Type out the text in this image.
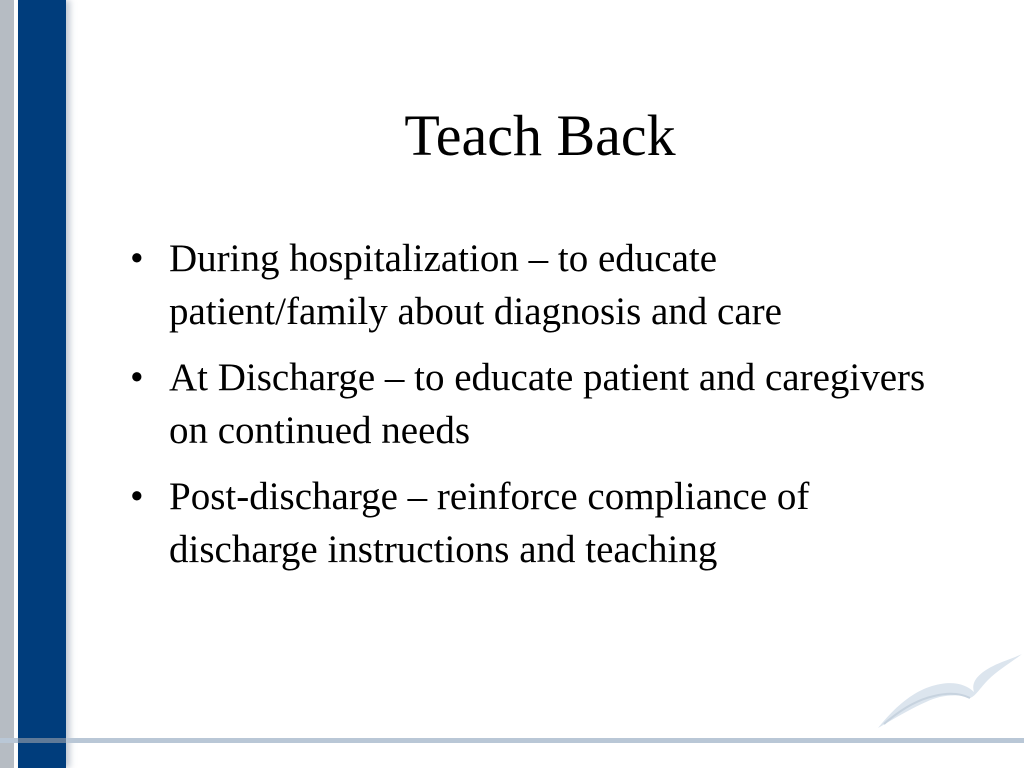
Teach Back
• During hospitalization – to educate patient/family about diagnosis and care
• At Discharge – to educate patient and caregivers on continued needs
• Post-discharge – reinforce compliance of discharge instructions and teaching
